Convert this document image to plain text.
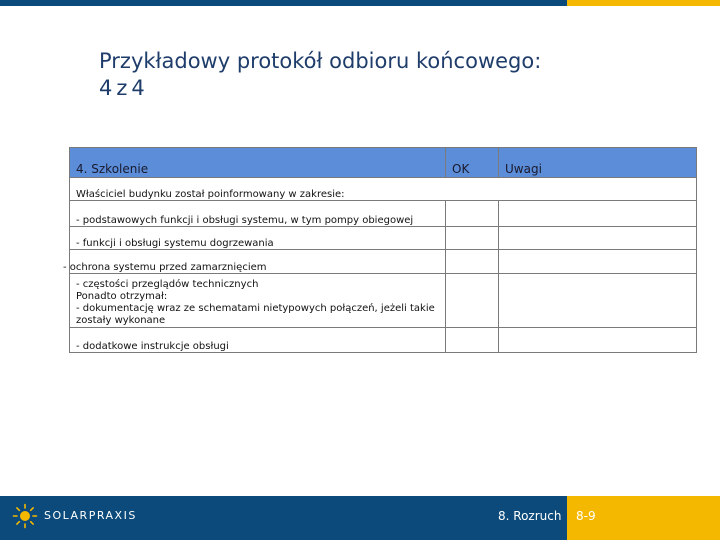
Przykładowy protokół odbioru końcowego:
4z4
4. Szkolenie	OK	Uwagi
Właściciel budynku został poinformowany w zakresie:		
- podstawowych funkcji i obsługi systemu, w tym pompy obiegowej		
- funkcji i obsługi systemu dogrzewania		
- ochrona systemu przed zamarznięciem		

- częstości przeglądów technicznych
Ponadto otrzymał:
- dokumentację wraz ze schematami nietypowych połączeń, jeżeli takie
zostały wykonane		

- dodatkowe instrukcje obsługi		
SOLARPRAXIS	8. Rozruch 8-9
